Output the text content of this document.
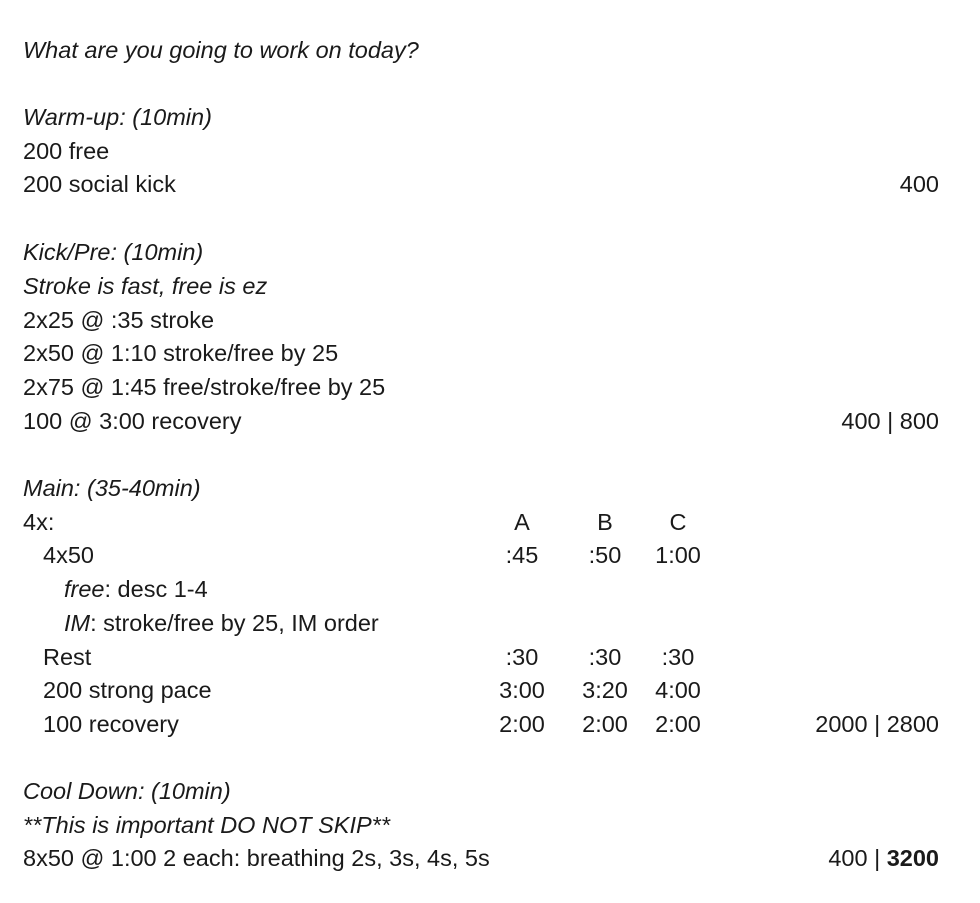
What are you going to work on today?
Warm-up: (10min)
200 free
200 social kick	400
Kick/Pre: (10min)
Stroke is fast, free is ez
2x25 @ :35 stroke
2x50 @ 1:10 stroke/free by 25
2x75 @ 1:45 free/stroke/free by 25
100 @ 3:00 recovery	400 | 800
Main: (35-40min)
4x:	A	B	C
4x50	:45	:50	1:00
free: desc 1-4
IM: stroke/free by 25, IM order
Rest	:30	:30	:30
200 strong pace	3:00	3:20	4:00
100 recovery	2:00	2:00	2:00	2000 | 2800
Cool Down: (10min)
**This is important DO NOT SKIP**
8x50 @ 1:00 2 each: breathing 2s, 3s, 4s, 5s	400 | 3200
